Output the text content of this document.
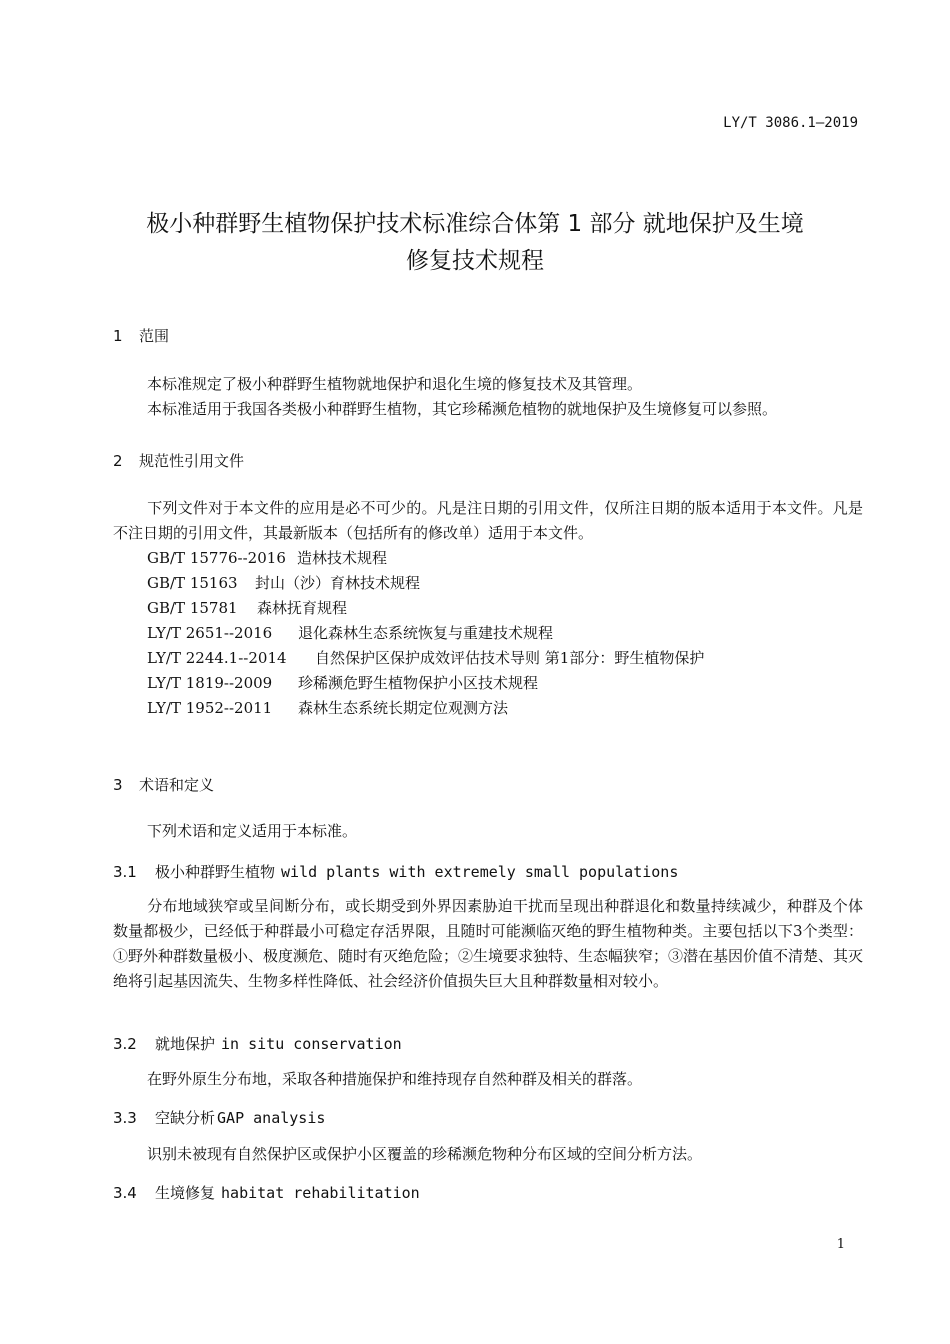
LY/T 3086.1—2019
极小种群野生植物保护技术标准综合体第 1 部分 就地保护及生境
修复技术规程
1 范围
本标准规定了极小种群野生植物就地保护和退化生境的修复技术及其管理。
本标准适用于我国各类极小种群野生植物，其它珍稀濒危植物的就地保护及生境修复可以参照。
2 规范性引用文件
下列文件对于本文件的应用是必不可少的。凡是注日期的引用文件，仅所注日期的版本适用于本文件。凡是不注日期的引用文件，其最新版本（包括所有的修改单）适用于本文件。
GB/T 15776--2016 造林技术规程
GB/T 15163 封山（沙）育林技术规程
GB/T 15781 森林抚育规程
LY/T 2651--2016 退化森林生态系统恢复与重建技术规程
LY/T 2244.1--2014 自然保护区保护成效评估技术导则 第1部分：野生植物保护
LY/T 1819--2009 珍稀濒危野生植物保护小区技术规程
LY/T 1952--2011 森林生态系统长期定位观测方法
3 术语和定义
下列术语和定义适用于本标准。
3.1 极小种群野生植物 wild plants with extremely small populations
分布地域狭窄或呈间断分布，或长期受到外界因素胁迫干扰而呈现出种群退化和数量持续减少，种群及个体数量都极少，已经低于种群最小可稳定存活界限，且随时可能濒临灭绝的野生植物种类。主要包括以下3个类型：①野外种群数量极小、极度濒危、随时有灭绝危险；②生境要求独特、生态幅狭窄；③潜在基因价值不清楚、其灭绝将引起基因流失、生物多样性降低、社会经济价值损失巨大且种群数量相对较小。
3.2 就地保护 in situ conservation
在野外原生分布地，采取各种措施保护和维持现存自然种群及相关的群落。
3.3 空缺分析 GAP analysis
识别未被现有自然保护区或保护小区覆盖的珍稀濒危物种分布区域的空间分析方法。
3.4 生境修复 habitat rehabilitation
1
